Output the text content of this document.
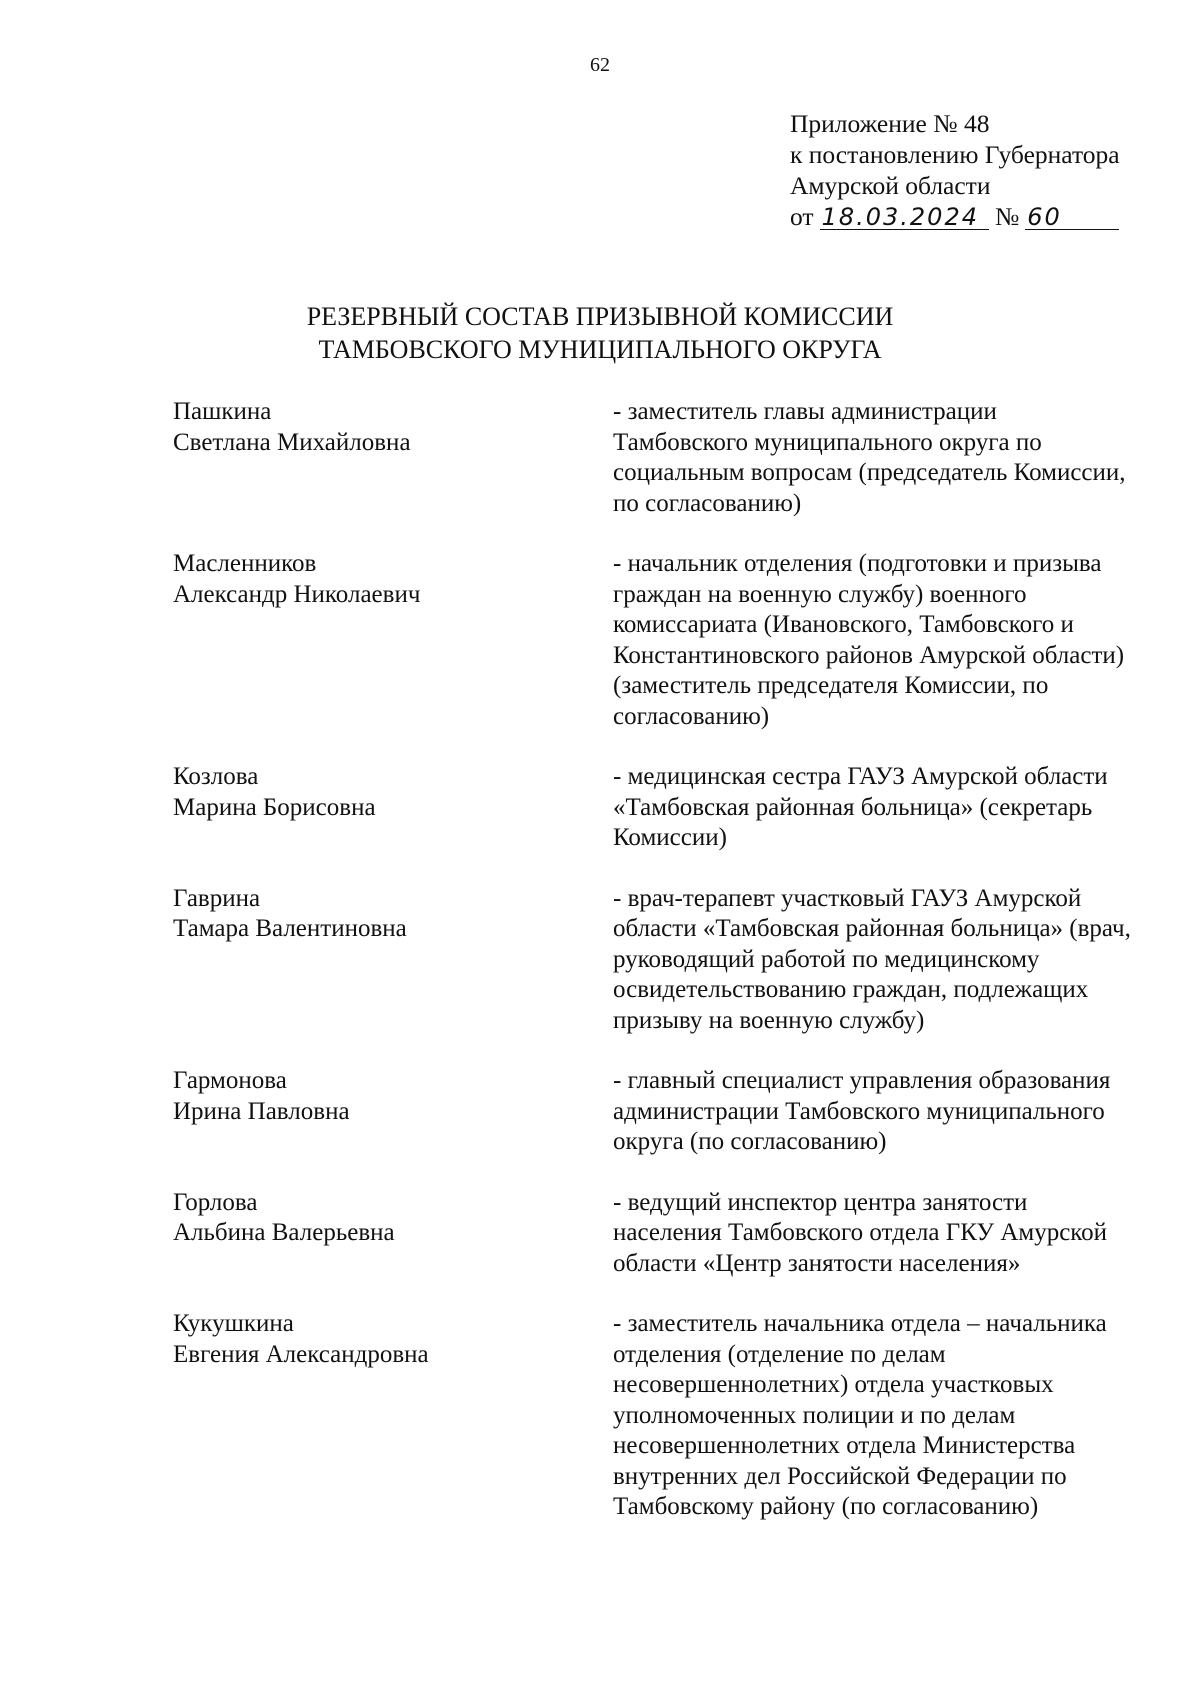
62
Приложение № 48
к постановлению Губернатора
Амурской области
от 18.03.2024 № 60
РЕЗЕРВНЫЙ СОСТАВ ПРИЗЫВНОЙ КОМИССИИ
ТАМБОВСКОГО МУНИЦИПАЛЬНОГО ОКРУГА
Пашкина
Светлана Михайловна
- заместитель главы администрации Тамбовского муниципального округа по социальным вопросам (председатель Комиссии, по согласованию)
Масленников
Александр Николаевич
- начальник отделения (подготовки и призыва граждан на военную службу) военного комиссариата (Ивановского, Тамбовского и Константиновского районов Амурской области) (заместитель председателя Комиссии, по согласованию)
Козлова
Марина Борисовна
- медицинская сестра ГАУЗ Амурской области «Тамбовская районная больница» (секретарь Комиссии)
Гаврина
Тамара Валентиновна
- врач-терапевт участковый ГАУЗ Амурской области «Тамбовская районная больница» (врач, руководящий работой по медицинскому освидетельствованию граждан, подлежащих призыву на военную службу)
Гармонова
Ирина Павловна
- главный специалист управления образования администрации Тамбовского муниципального округа (по согласованию)
Горлова
Альбина Валерьевна
- ведущий инспектор центра занятости населения Тамбовского отдела ГКУ Амурской области «Центр занятости населения»
Кукушкина
Евгения Александровна
- заместитель начальника отдела – начальника отделения (отделение по делам несовершеннолетних) отдела участковых уполномоченных полиции и по делам несовершеннолетних отдела Министерства внутренних дел Российской Федерации по Тамбовскому району (по согласованию)
